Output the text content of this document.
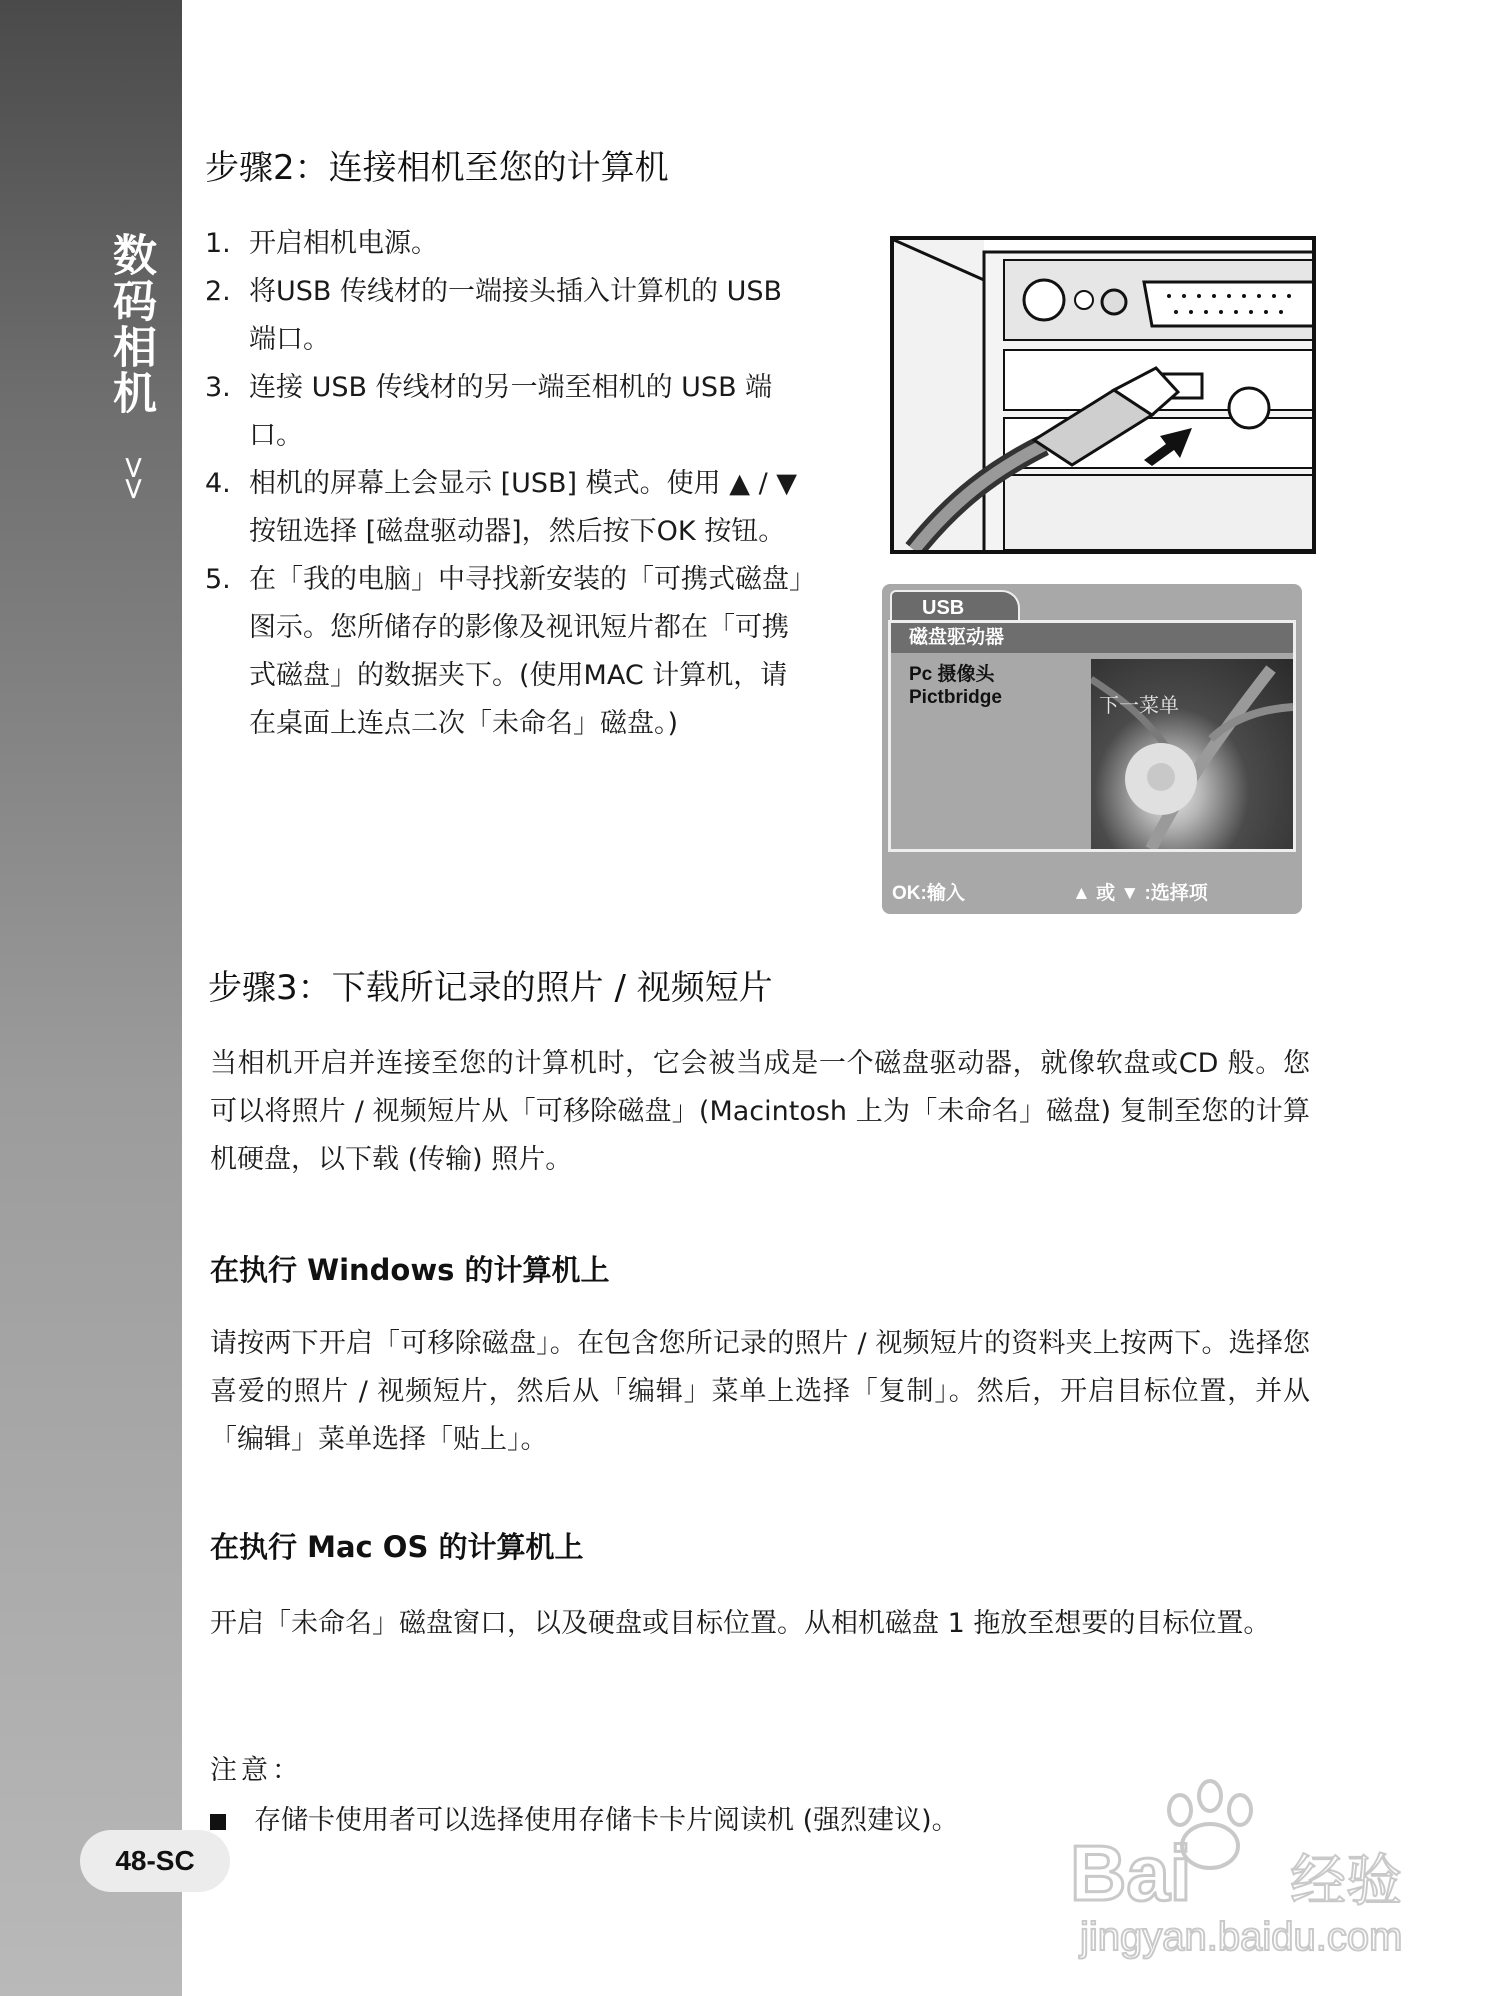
数码相机
>>
48-SC
步骤2：连接相机至您的计算机
1. 开启相机电源。
2. 将USB 传线材的一端接头插入计算机的 USB 端口。
3. 连接 USB 传线材的另一端至相机的 USB 端口。
4. 相机的屏幕上会显示 [USB] 模式。使用 ▲ / ▼ 按钮选择 [磁盘驱动器]，然后按下OK 按钮。
5. 在「我的电脑」中寻找新安装的「可携式磁盘」图示。您所储存的影像及视讯短片都在「可携式磁盘」的数据夹下。(使用MAC 计算机，请在桌面上连点二次「未命名」磁盘。)
USB
磁盘驱动器
Pc 摄像头
Pictbridge	下一菜单
OK:输入	▲ 或 ▼ :选择项
步骤3：下载所记录的照片 / 视频短片
当相机开启并连接至您的计算机时，它会被当成是一个磁盘驱动器，就像软盘或CD 般。您可以将照片 / 视频短片从「可移除磁盘」(Macintosh 上为「未命名」磁盘) 复制至您的计算机硬盘，以下载 (传输) 照片。
在执行 Windows 的计算机上
请按两下开启「可移除磁盘」。在包含您所记录的照片 / 视频短片的资料夹上按两下。选择您喜爱的照片 / 视频短片，然后从「编辑」菜单上选择「复制」。然后，开启目标位置，并从「编辑」菜单选择「贴上」。
在执行 Mac OS 的计算机上
开启「未命名」磁盘窗口，以及硬盘或目标位置。从相机磁盘 1 拖放至想要的目标位置。
注意：
存储卡使用者可以选择使用存储卡卡片阅读机 (强烈建议)。
Bai 经验
jingyan.baidu.com
